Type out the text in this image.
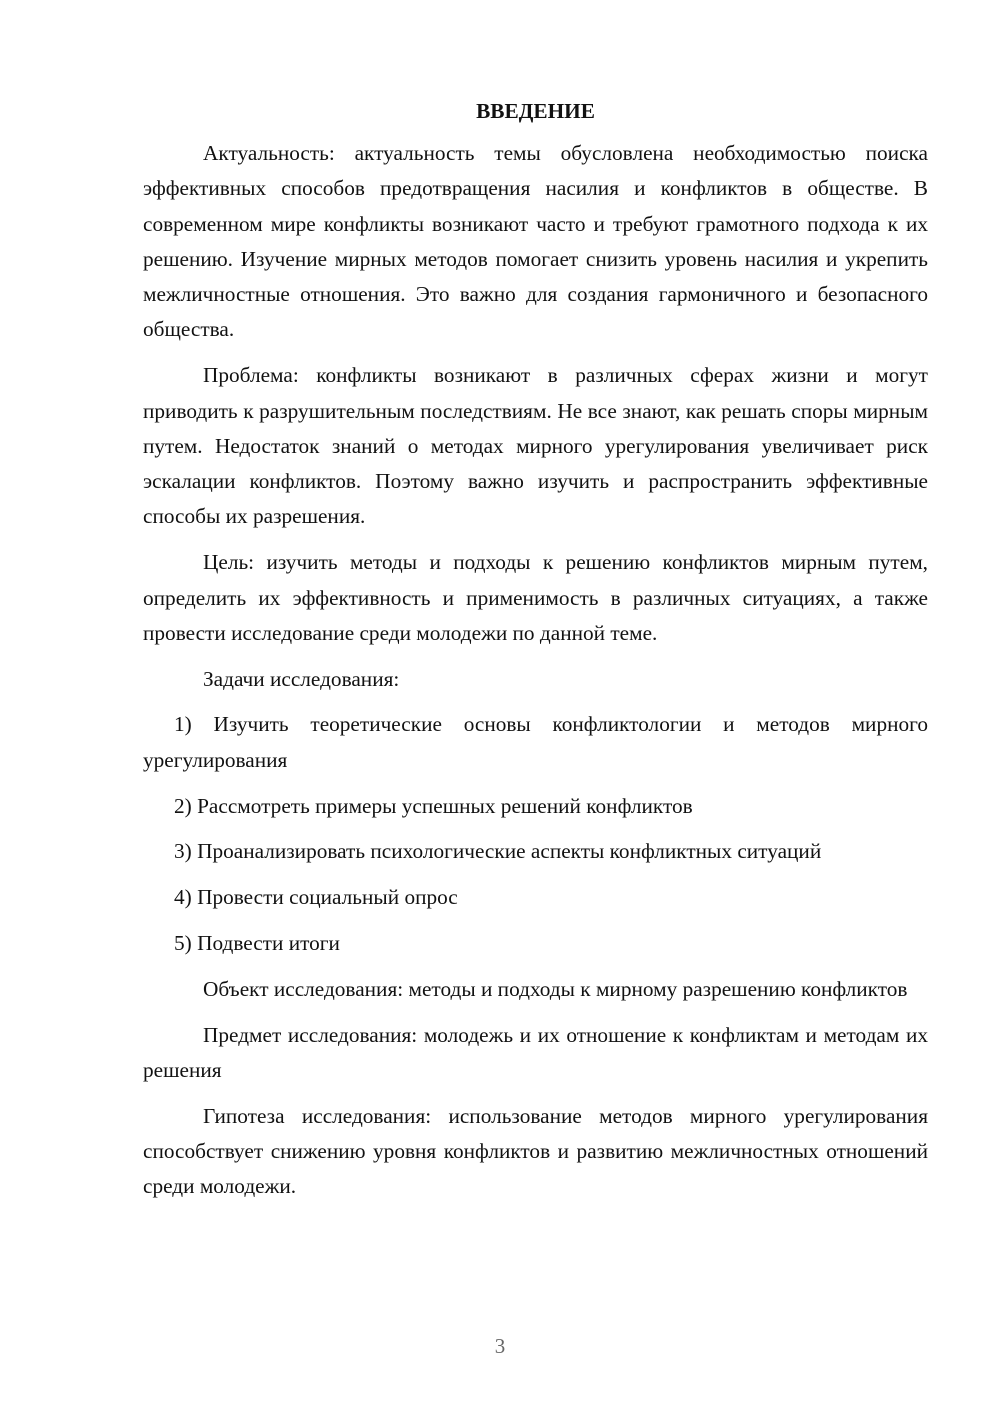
ВВЕДЕНИЕ

Актуальность: актуальность темы обусловлена необходимостью поиска эффективных способов предотвращения насилия и конфликтов в обществе. В современном мире конфликты возникают часто и требуют грамотного подхода к их решению. Изучение мирных методов помогает снизить уровень насилия и укрепить межличностные отношения. Это важно для создания гармоничного и безопасного общества.

Проблема: конфликты возникают в различных сферах жизни и могут приводить к разрушительным последствиям. Не все знают, как решать споры мирным путем. Недостаток знаний о методах мирного урегулирования увеличивает риск эскалации конфликтов. Поэтому важно изучить и распространить эффективные способы их разрешения.

Цель: изучить методы и подходы к решению конфликтов мирным путем, определить их эффективность и применимость в различных ситуациях, а также провести исследование среди молодежи по данной теме.

Задачи исследования:

1) Изучить теоретические основы конфликтологии и методов мирного урегулирования

2) Рассмотреть примеры успешных решений конфликтов

3) Проанализировать психологические аспекты конфликтных ситуаций

4) Провести социальный опрос

5) Подвести итоги

Объект исследования: методы и подходы к мирному разрешению конфликтов

Предмет исследования: молодежь и их отношение к конфликтам и методам их решения

Гипотеза исследования: использование методов мирного урегулирования способствует снижению уровня конфликтов и развитию межличностных отношений среди молодежи.

3
